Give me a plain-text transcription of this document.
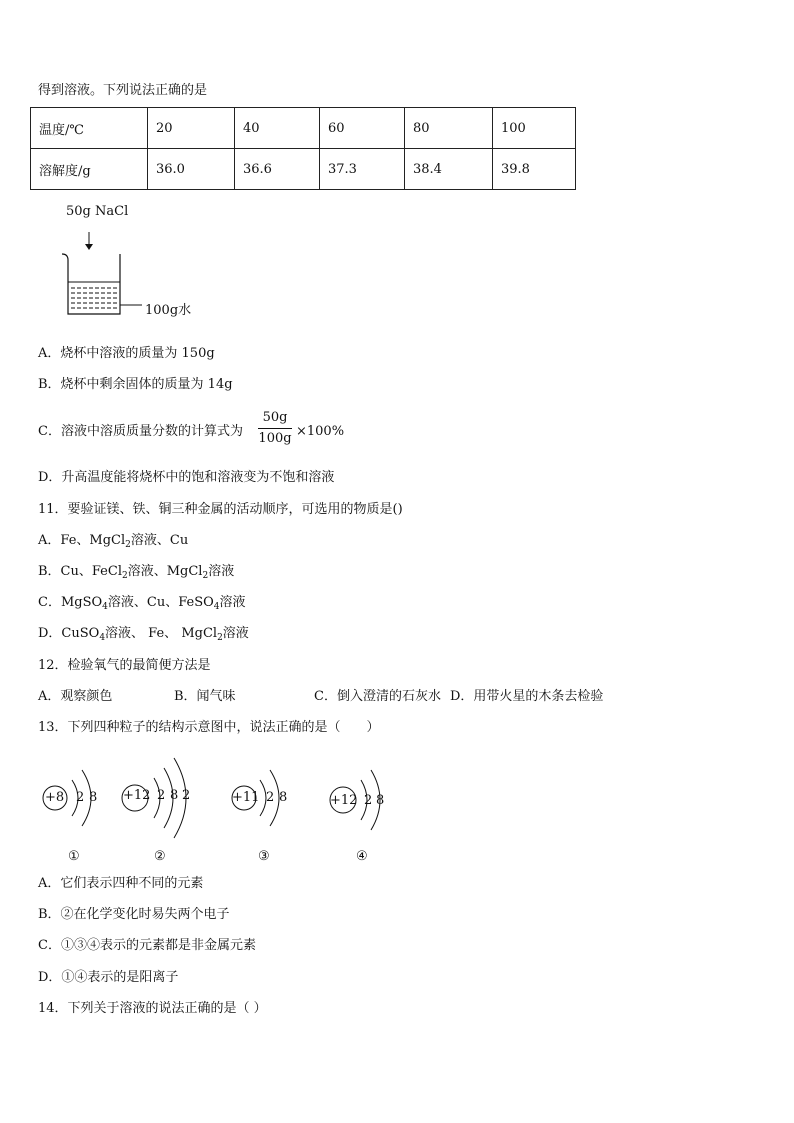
得到溶液。下列说法正确的是
温度/℃	20	40	60	80	100
溶解度/g	36.0	36.6	37.3	38.4	39.8
50g NaCl
100g水
A．烧杯中溶液的质量为 150g
B．烧杯中剩余固体的质量为 14g
C．溶液中溶质质量分数的计算式为
50g
100g ×100%
D．升高温度能将烧杯中的饱和溶液变为不饱和溶液
11．要验证镁、铁、铜三种金属的活动顺序，可选用的物质是()
A．Fe、MgCl$_2$溶液、Cu
B．Cu、FeCl$_2$溶液、MgCl$_2$溶液
C．MgSO$_4$溶液、Cu、FeSO$_4$溶液
D．CuSO$_4$溶液、 Fe、 MgCl$_2$溶液
12．检验氧气的最简便方法是
A．观察颜色	B．闻气味	C．倒入澄清的石灰水 D．用带火星的木条去检验
13．下列四种粒子的结构示意图中，说法正确的是（　　）
+8 2 8 +12 2 8 2	+11 2 8	+12 2 8
①	②	③	④
A．它们表示四种不同的元素
B．②在化学变化时易失两个电子
C．①③④表示的元素都是非金属元素
D．①④表示的是阳离子
14．下列关于溶液的说法正确的是（ ）
